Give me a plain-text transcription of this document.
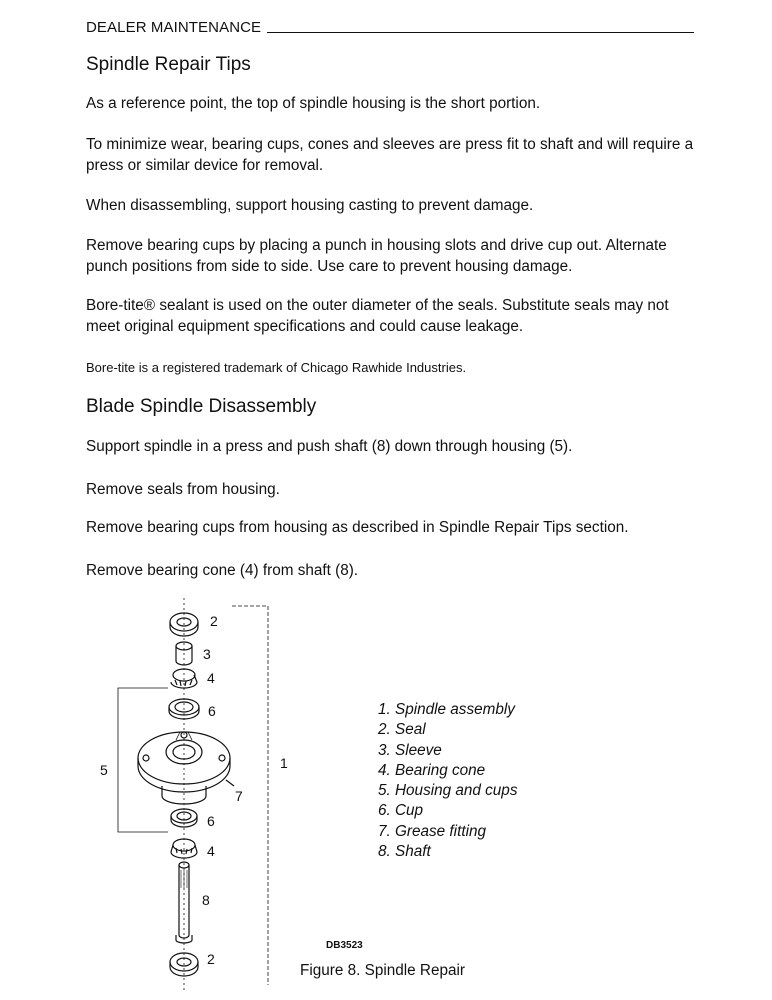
DEALER MAINTENANCE
Spindle Repair Tips

As a reference point, the top of spindle housing is the short portion.

To minimize wear, bearing cups, cones and sleeves are press fit to shaft and will require a press or similar device for removal.

When disassembling, support housing casting to prevent damage.

Remove bearing cups by placing a punch in housing slots and drive cup out. Alternate punch positions from side to side. Use care to prevent housing damage.

Bore-tite® sealant is used on the outer diameter of the seals. Substitute seals may not meet original equipment specifications and could cause leakage.

Bore-tite is a registered trademark of Chicago Rawhide Industries.

Blade Spindle Disassembly

Support spindle in a press and push shaft (8) down through housing (5).

Remove seals from housing.

Remove bearing cups from housing as described in Spindle Repair Tips section.

Remove bearing cone (4) from shaft (8).

2
3
4
6
5	1
7
6
4
8
2
1. Spindle assembly
2. Seal
3. Sleeve
4. Bearing cone
5. Housing and cups
6. Cup
7. Grease fitting
8. Shaft
DB3523
Figure 8. Spindle Repair
